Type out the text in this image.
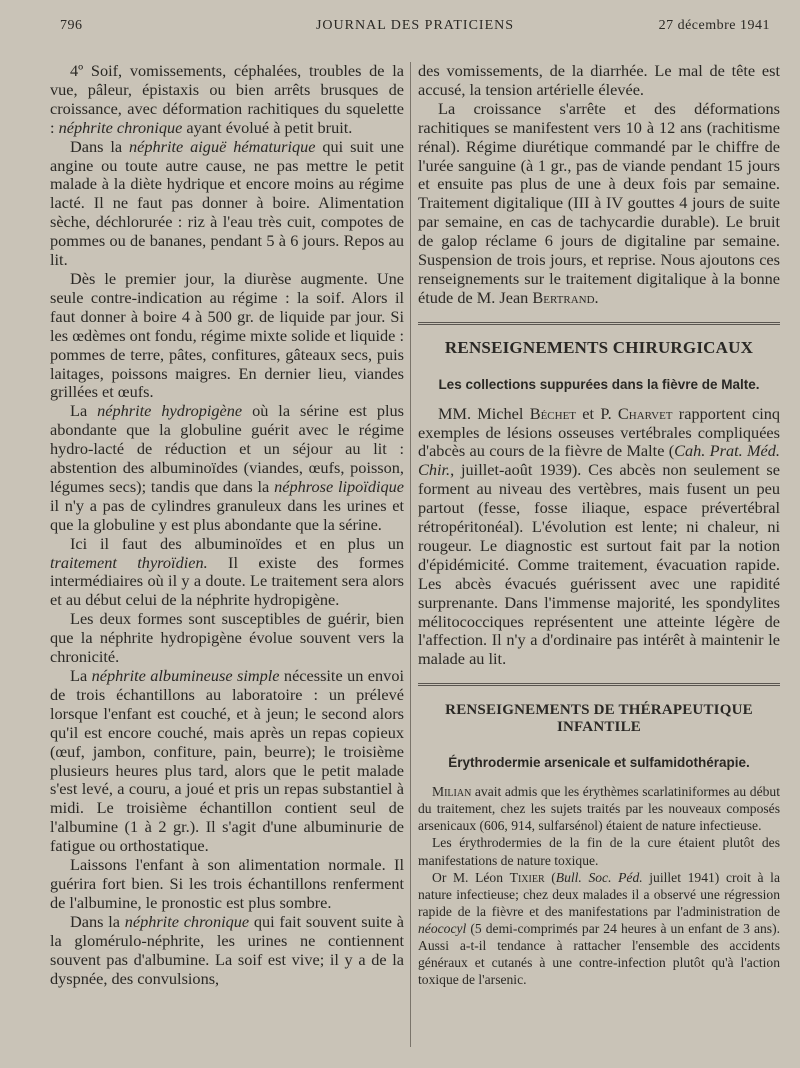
796	JOURNAL DES PRATICIENS	27 décembre 1941

4º Soif, vomissements, céphalées, troubles de la vue, pâleur, épistaxis ou bien arrêts brusques de croissance, avec déformation rachitiques du squelette : néphrite chronique ayant évolué à petit bruit.

Dans la néphrite aiguë hématurique qui suit une angine ou toute autre cause, ne pas mettre le petit malade à la diète hydrique et encore moins au régime lacté. Il ne faut pas donner à boire. Alimentation sèche, déchlorurée : riz à l'eau très cuit, compotes de pommes ou de bananes, pendant 5 à 6 jours. Repos au lit.

Dès le premier jour, la diurèse augmente. Une seule contre-indication au régime : la soif. Alors il faut donner à boire 4 à 500 gr. de liquide par jour. Si les œdèmes ont fondu, régime mixte solide et liquide : pommes de terre, pâtes, confitures, gâteaux secs, puis laitages, poissons maigres. En dernier lieu, viandes grillées et œufs.

La néphrite hydropigène où la sérine est plus abondante que la globuline guérit avec le régime hydro-lacté de réduction et un séjour au lit : abstention des albuminoïdes (viandes, œufs, poisson, légumes secs); tandis que dans la néphrose lipoïdique il n'y a pas de cylindres granuleux dans les urines et que la globuline y est plus abondante que la sérine.

Ici il faut des albuminoïdes et en plus un traitement thyroïdien. Il existe des formes intermédiaires où il y a doute. Le traitement sera alors et au début celui de la néphrite hydropigène.

Les deux formes sont susceptibles de guérir, bien que la néphrite hydropigène évolue souvent vers la chronicité.

La néphrite albumineuse simple nécessite un envoi de trois échantillons au laboratoire : un prélevé lorsque l'enfant est couché, et à jeun; le second alors qu'il est encore couché, mais après un repas copieux (œuf, jambon, confiture, pain, beurre); le troisième plusieurs heures plus tard, alors que le petit malade s'est levé, a couru, a joué et pris un repas substantiel à midi. Le troisième échantillon contient seul de l'albumine (1 à 2 gr.). Il s'agit d'une albuminurie de fatigue ou orthostatique.

Laissons l'enfant à son alimentation normale. Il guérira fort bien. Si les trois échantillons renferment de l'albumine, le pronostic est plus sombre.

Dans la néphrite chronique qui fait souvent suite à la glomérulo-néphrite, les urines ne contiennent souvent pas d'albumine. La soif est vive; il y a de la dyspnée, des convulsions,

des vomissements, de la diarrhée. Le mal de tête est accusé, la tension artérielle élevée.

La croissance s'arrête et des déformations rachitiques se manifestent vers 10 à 12 ans (rachitisme rénal). Régime diurétique commandé par le chiffre de l'urée sanguine (à 1 gr., pas de viande pendant 15 jours et ensuite pas plus de une à deux fois par semaine. Traitement digitalique (III à IV gouttes 4 jours de suite par semaine, en cas de tachycardie durable). Le bruit de galop réclame 6 jours de digitaline par semaine. Suspension de trois jours, et reprise. Nous ajoutons ces renseignements sur le traitement digitalique à la bonne étude de M. Jean Bertrand.

RENSEIGNEMENTS CHIRURGICAUX
Les collections suppurées dans la fièvre de Malte.

MM. Michel Béchet et P. Charvet rapportent cinq exemples de lésions osseuses vertébrales compliquées d'abcès au cours de la fièvre de Malte (Cah. Prat. Méd. Chir., juillet-août 1939). Ces abcès non seulement se forment au niveau des vertèbres, mais fusent un peu partout (fesse, fosse iliaque, espace prévertébral rétropéritonéal). L'évolution est lente; ni chaleur, ni rougeur. Le diagnostic est surtout fait par la notion d'épidémicité. Comme traitement, évacuation rapide. Les abcès évacués guérissent avec une rapidité surprenante. Dans l'immense majorité, les spondylites mélitococciques représentent une atteinte légère de l'affection. Il n'y a d'ordinaire pas intérêt à maintenir le malade au lit.

RENSEIGNEMENTS DE THÉRAPEUTIQUE
INFANTILE
Érythrodermie arsenicale et sulfamidothérapie.

Milian avait admis que les érythèmes scarlatiniformes au début du traitement, chez les sujets traités par les nouveaux composés arsenicaux (606, 914, sulfarsénol) étaient de nature infectieuse.

Les érythrodermies de la fin de la cure étaient plutôt des manifestations de nature toxique.

Or M. Léon Tixier (Bull. Soc. Péd. juillet 1941) croit à la nature infectieuse; chez deux malades il a observé une régression rapide de la fièvre et des manifestations par l'administration de néococyl (5 demi-comprimés par 24 heures à un enfant de 3 ans). Aussi a-t-il tendance à rattacher l'ensemble des accidents généraux et cutanés à une contre-infection plutôt qu'à l'action toxique de l'arsenic.
